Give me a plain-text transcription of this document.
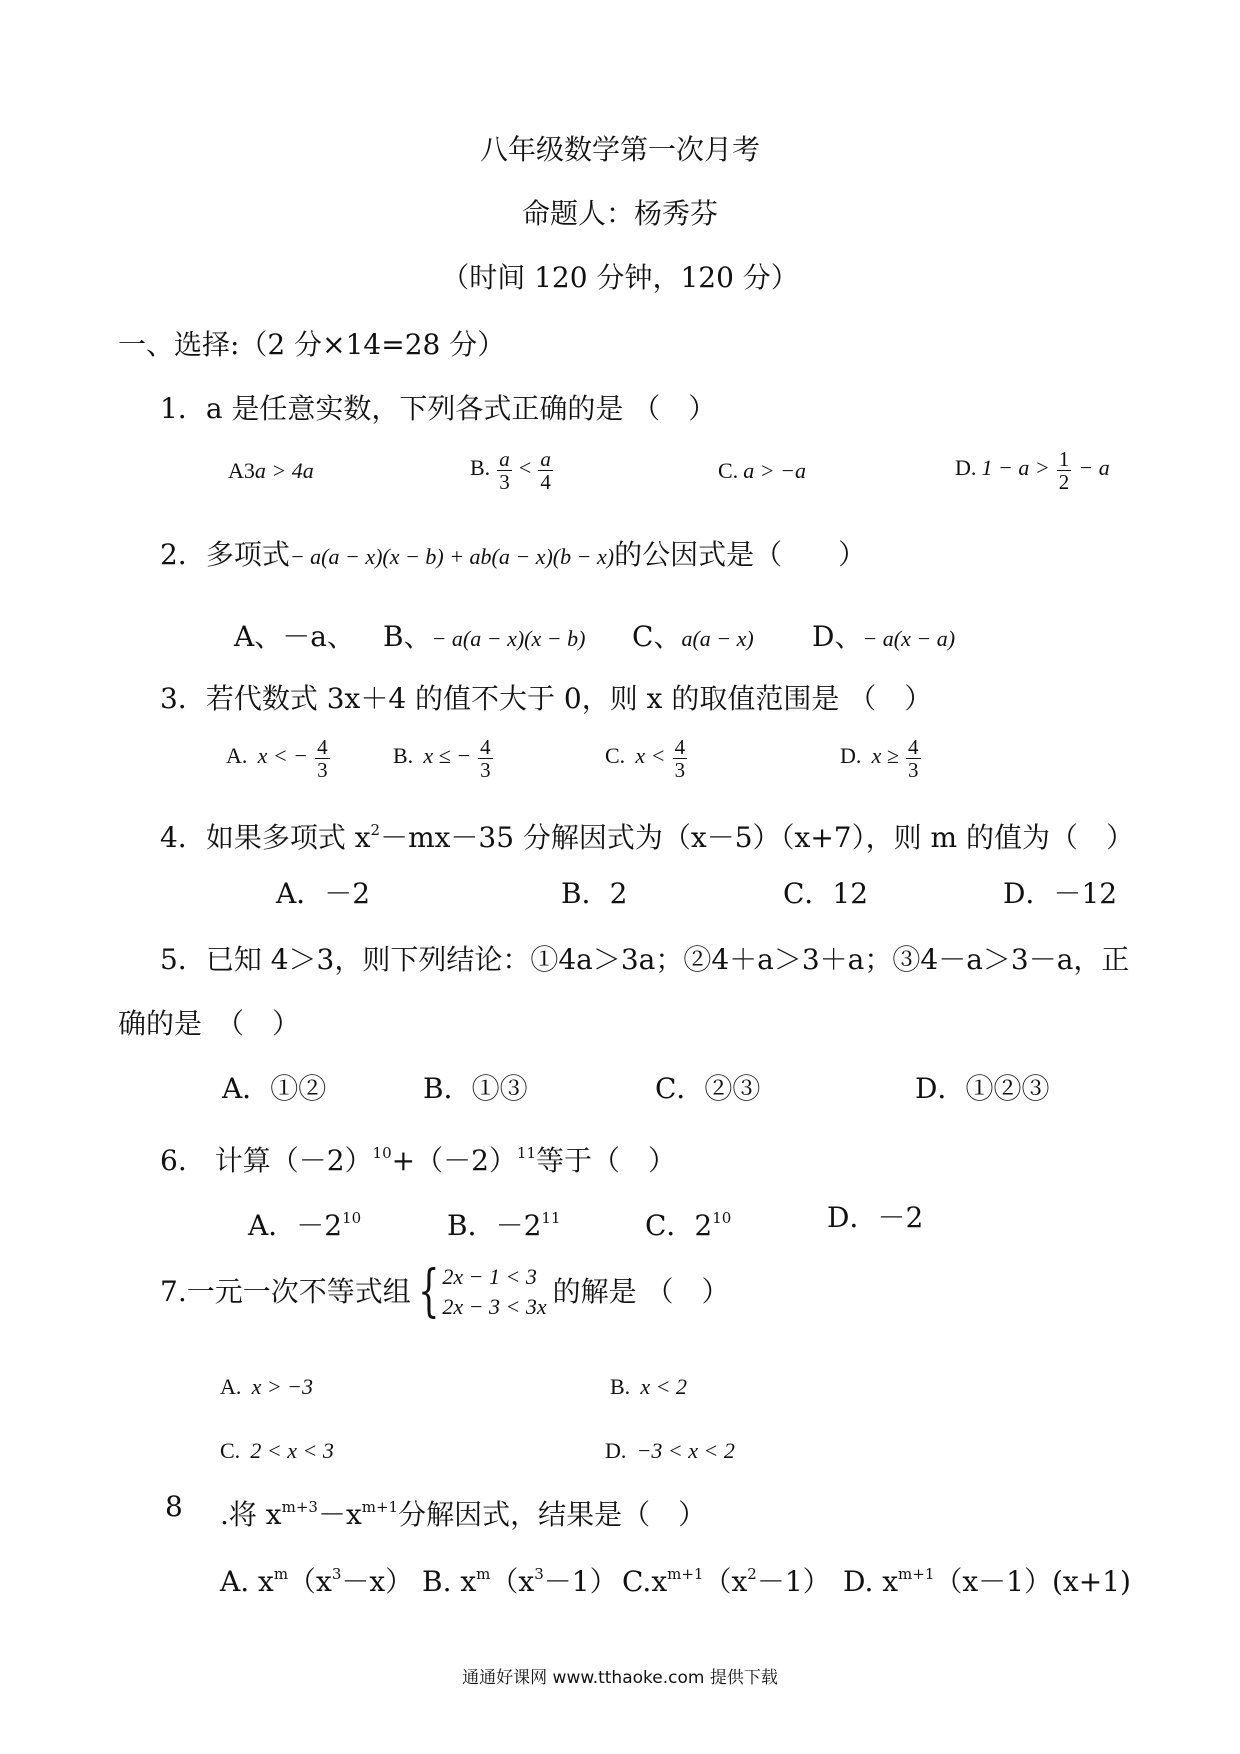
八年级数学第一次月考
命题人：杨秀芬
（时间 120 分钟，120 分）
一、选择:（2 分×14=28 分）
1．a 是任意实数，下列各式正确的是 （　）
A3a > 4a	B. $\frac{a}{3} < \frac{a}{4}$	C. a > −a	D. $1 - a > \frac{1}{2} - a$
2．多项式− a(a − x)(x − b) + ab(a − x)(b − x)的公因式是（　　）
A、－a、 B、− a(a − x)(x − b) C、a(a − x) D、− a(x − a)
3．若代数式 3x＋4 的值不大于 0，则 x 的取值范围是 （　）
A. x < − $\frac{4}{3}$	B. x ≤ − $\frac{4}{3}$	C. $x < \frac{4}{3}$	D. $x \ge \frac{4}{3}$
4．如果多项式 $x^2-mx-35$ 分解因式为（x－5）（x+7），则 m 的值为（　）
A．－2	B．2	C．12	D．－12
5．已知 4＞3，则下列结论：①4a＞3a；②4＋a＞3＋a；③4－a＞3－a，正
确的是　（　）
A．①②	B．①③	C．②③	D．①②③
6.　计算$(-2)^{10}+(-2)^{11}$等于（　）
A．$-2^{10}$	B．$-2^{11}$	C．$2^{10}$	D．－2
7.一元一次不等式组 { 2x − 1 < 3
2x − 3 < 3x 的解是 （　）
A. x > −3	B. x < 2
C. 2 < x < 3	D. −3 < x < 2
8 .将 $x^{m+3}-x^{m+1}$分解因式，结果是（　）
A. $x^m(x^3-x)$ B. $x^m(x^3-1)$ $C.x^{m+1}(x^2-1)$ D. $x^{m+1}(x-1)(x+1)$
通通好课网 www.tthaoke.com 提供下载
